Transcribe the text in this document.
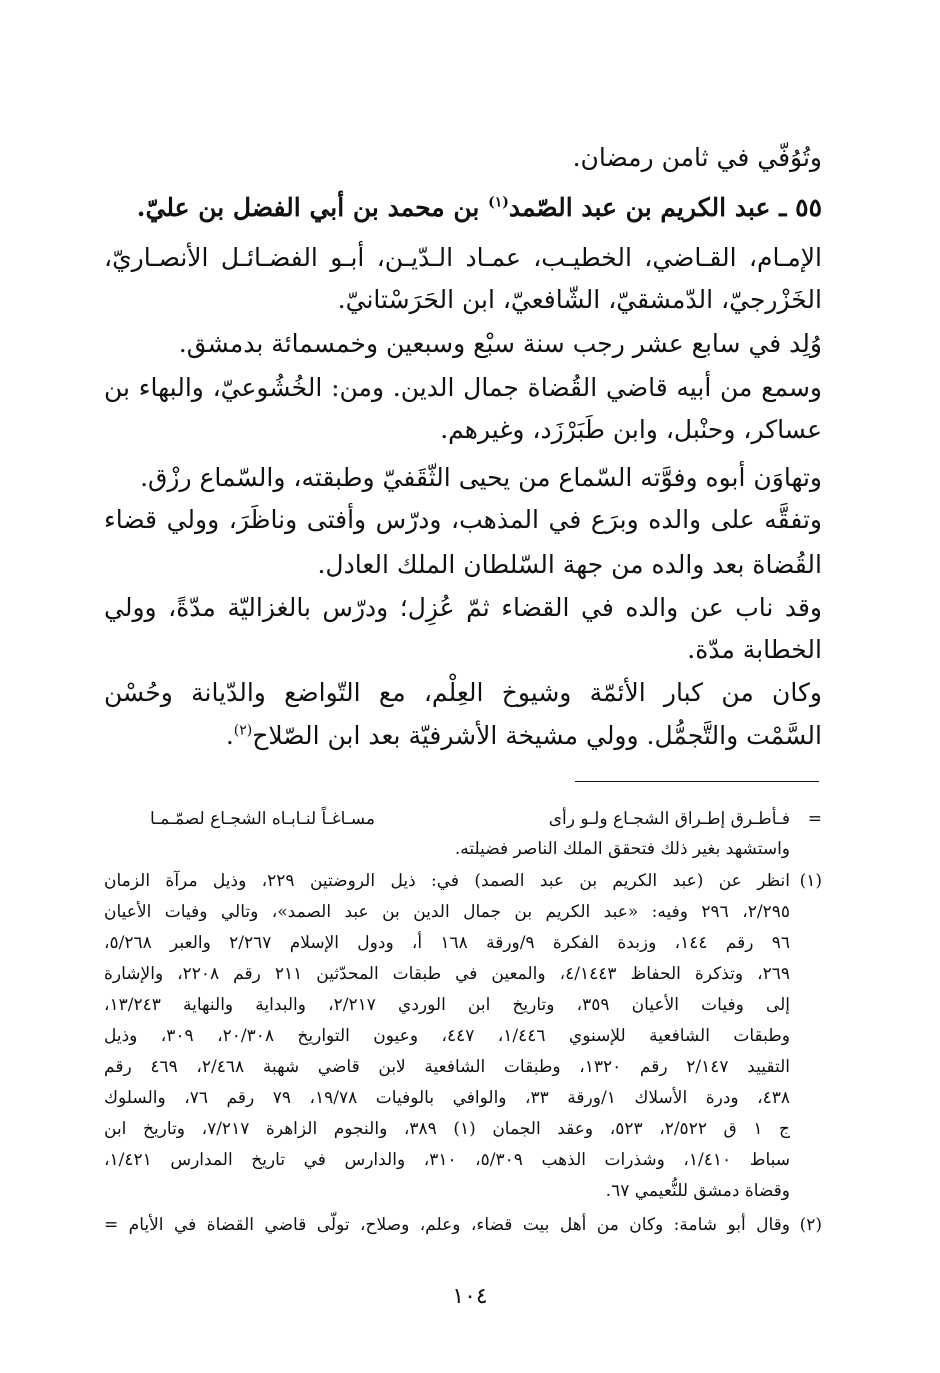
وتُوُفّي في ثامن رمضان.
٥٥ ـ عبد الكريم بن عبد الصّمد$^{(١)}$ بن محمد بن أبي الفضل بن عليّ.
الإمـام، القـاضي، الخطيـب، عمـاد الـدّيـن، أبـو الفضـائـل الأنصـاريّ،
الخَزْرجيّ، الدّمشقيّ، الشّافعيّ، ابن الحَرَسْتانيّ.
وُلِد في سابع عشر رجب سنة سبْع وسبعين وخمسمائة بدمشق.
وسمع من أبيه قاضي القُضاة جمال الدين. ومن: الخُشُوعيّ، والبهاء بن
عساكر، وحنْبل، وابن طَبَرْزَد، وغيرهم.
وتهاوَن أبوه وفوَّته السّماع من يحيى الثّقَفيّ وطبقته، والسّماع رزْق.
وتفقَّه على والده وبرَع في المذهب، ودرّس وأفتى وناظَرَ، وولي قضاء
القُضاة بعد والده من جهة السّلطان الملك العادل.
وقد ناب عن والده في القضاء ثمّ عُزِل؛ ودرّس بالغزاليّة مدّةً، وولي
الخطابة مدّة.
وكان من كبار الأئمّة وشيوخ العِلْم، مع التّواضع والدّيانة وحُسْن
السَّمْت والتَّجمُّل. وولي مشيخة الأشرفيّة بعد ابن الصّلاح$^{(٢)}$.
=
فـأطـرق إطـراق الشجـاع ولـو رأى
مسـاغـاً لنـابـاه الشجـاع لصمّـمـا
واستشهد بغير ذلك فتحقق الملك الناصر فضيلته.
(١)
انظر عن (عبد الكريم بن عبد الصمد) في: ذيل الروضتين ٢٢٩، وذيل مرآة الزمان
٢/٢٩٥، ٢٩٦ وفيه: «عبد الكريم بن جمال الدين بن عبد الصمد»، وتالي وفيات الأعيان
٩٦ رقم ١٤٤، وزبدة الفكرة ٩/ورقة ١٦٨ أ، ودول الإسلام ٢/٢٦٧ والعبر ٥/٢٦٨،
٢٦٩، وتذكرة الحفاظ ٤/١٤٤٣، والمعين في طبقات المحدّثين ٢١١ رقم ٢٢٠٨، والإشارة
إلى وفيات الأعيان ٣٥٩، وتاريخ ابن الوردي ٢/٢١٧، والبداية والنهاية ١٣/٢٤٣،
وطبقات الشافعية للإسنوي ١/٤٤٦، ٤٤٧، وعيون التواريخ ٢٠/٣٠٨، ٣٠٩، وذيل
التقييد ٢/١٤٧ رقم ١٣٢٠، وطبقات الشافعية لابن قاضي شهبة ٢/٤٦٨، ٤٦٩ رقم
٤٣٨، ودرة الأسلاك ١/ورقة ٣٣، والوافي بالوفيات ١٩/٧٨، ٧٩ رقم ٧٦، والسلوك
ج ١ ق ٢/٥٢٢، ٥٢٣، وعقد الجمان (١) ٣٨٩، والنجوم الزاهرة ٧/٢١٧، وتاريخ ابن
سباط ١/٤١٠، وشذرات الذهب ٥/٣٠٩، ٣١٠، والدارس في تاريخ المدارس ١/٤٢١،
وقضاة دمشق للنُّعيمي ٦٧.
(٢)
وقال أبو شامة: وكان من أهل بيت قضاء، وعلم، وصلاح، تولّى قاضي القضاة في الأيام =
١٠٤
